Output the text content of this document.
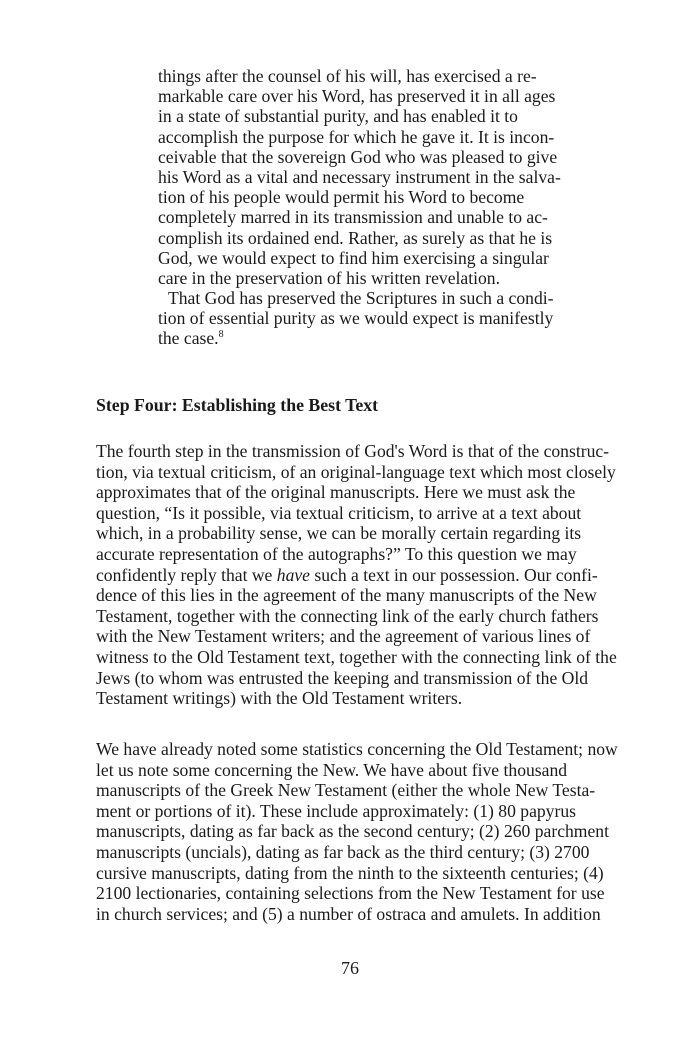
things after the counsel of his will, has exercised a re-
markable care over his Word, has preserved it in all ages
in a state of substantial purity, and has enabled it to
accomplish the purpose for which he gave it. It is incon-
ceivable that the sovereign God who was pleased to give
his Word as a vital and necessary instrument in the salva-
tion of his people would permit his Word to become
completely marred in its transmission and unable to ac-
complish its ordained end. Rather, as surely as that he is
God, we would expect to find him exercising a singular
care in the preservation of his written revelation.
That God has preserved the Scriptures in such a condi-
tion of essential purity as we would expect is manifestly
the case.$^8$
Step Four: Establishing the Best Text
The fourth step in the transmission of God's Word is that of the construc-
tion, via textual criticism, of an original-language text which most closely
approximates that of the original manuscripts. Here we must ask the
question, “Is it possible, via textual criticism, to arrive at a text about
which, in a probability sense, we can be morally certain regarding its
accurate representation of the autographs?” To this question we may
confidently reply that we have such a text in our possession. Our confi-
dence of this lies in the agreement of the many manuscripts of the New
Testament, together with the connecting link of the early church fathers
with the New Testament writers; and the agreement of various lines of
witness to the Old Testament text, together with the connecting link of the
Jews (to whom was entrusted the keeping and transmission of the Old
Testament writings) with the Old Testament writers.
We have already noted some statistics concerning the Old Testament; now
let us note some concerning the New. We have about five thousand
manuscripts of the Greek New Testament (either the whole New Testa-
ment or portions of it). These include approximately: (1) 80 papyrus
manuscripts, dating as far back as the second century; (2) 260 parchment
manuscripts (uncials), dating as far back as the third century; (3) 2700
cursive manuscripts, dating from the ninth to the sixteenth centuries; (4)
2100 lectionaries, containing selections from the New Testament for use
in church services; and (5) a number of ostraca and amulets. In addition
76
